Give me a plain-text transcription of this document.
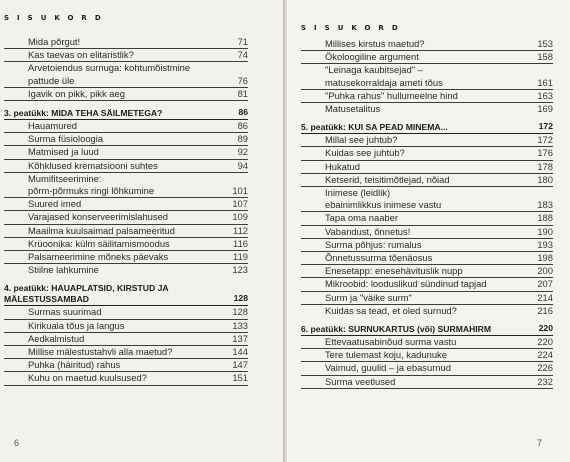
SISUKORD
Mida põrgut!	71
Kas taevas on elitaristlik?	74
Arvetoiendus surnuga: kohtumõistmine
pattude üle	76
Igavik on pikk, pikk aeg	81
3. peatükk: MIDA TEHA SÄILMETEGA?	86
Hauamured	86
Surma füsioloogia	89
Matmised ja luud	92
Kõhklused krematsiooni suhtes	94
Mumifitseerimine:
põrm-põrmuks ringi lõhkumine	101
Suured imed	107
Varajased konserveerimislahused	109
Maailma kuulsaimad palsameeritud	112
Krüoonika: külm säilitamismoodus	116
Palsameerimine mõneks päevaks	119
Stiilne lahkumine	123
4. peatükk: HAUAPLATSID, KIRSTUD JA
MÄLESTUSSAMBAD	128
Surmas suurimad	128
Kirikuaia tõus ja langus	133
Aedkalmistud	137
Millise mälestustahvli alla maetud?	144
Puhka (häiritud) rahus	147
Kuhu on maetud kuulsused?	151
6
SISUKORD
Millises kirstus maetud?	153
Ökoloogiline argument	158
"Leinaga kaubitsejad" –
matusekorraldaja ameti tõus	161
"Puhka rahus" hullumeelne hind	163
Matusetalitus	169
5. peatükk: KUI SA PEAD MINEMA...	172
Millal see juhtub?	172
Kuidas see juhtub?	176
Hukatud	178
Ketserid, teisitimõtlejad, nõiad	180
Inimese (leidlik)
ebainimlikkus inimese vastu	183
Tapa oma naaber	188
Vabandust, õnnetus!	190
Surma põhjus: rumalus	193
Õnnetussurma tõenäosus	198
Enesetapp: enesehävituslik nupp	200
Mikroobid: looduslikud sündinud tapjad	207
Surm ja "väike surm"	214
Kuidas sa tead, et oled surnud?	216
6. peatükk: SURNUKARTUS (või) SURMAHIRM	220
Ettevaatusabinõud surma vastu	220
Tere tulemast koju, kadunuke	224
Vaimud, guulid – ja ebasurnud	226
Surma veetlused	232
7
